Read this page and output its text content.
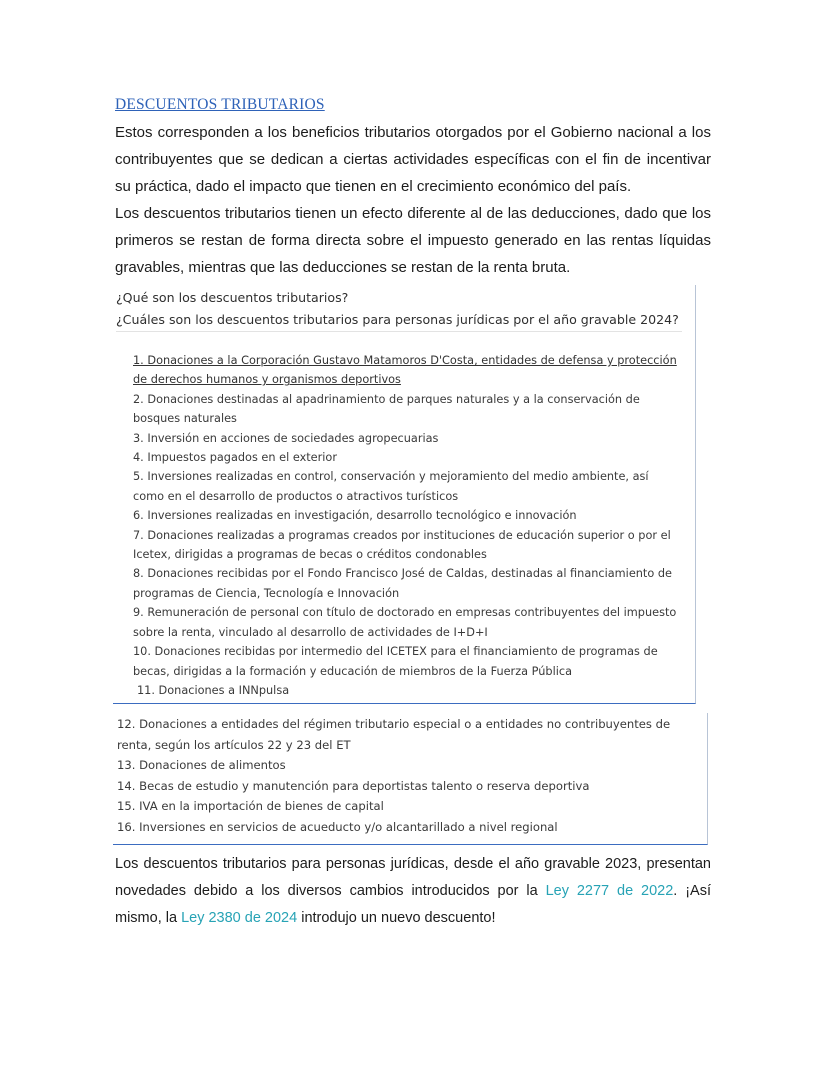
DESCUENTOS TRIBUTARIOS

Estos corresponden a los beneficios tributarios otorgados por el Gobierno nacional a los contribuyentes que se dedican a ciertas actividades específicas con el fin de incentivar su práctica, dado el impacto que tienen en el crecimiento económico del país.

Los descuentos tributarios tienen un efecto diferente al de las deducciones, dado que los primeros se restan de forma directa sobre el impuesto generado en las rentas líquidas gravables, mientras que las deducciones se restan de la renta bruta.

¿Qué son los descuentos tributarios?
¿Cuáles son los descuentos tributarios para personas jurídicas por el año gravable 2024?

1. Donaciones a la Corporación Gustavo Matamoros D'Costa, entidades de defensa y protección

de derechos humanos y organismos deportivos

2. Donaciones destinadas al apadrinamiento de parques naturales y a la conservación de

bosques naturales

3. Inversión en acciones de sociedades agropecuarias

4. Impuestos pagados en el exterior

5. Inversiones realizadas en control, conservación y mejoramiento del medio ambiente, así

como en el desarrollo de productos o atractivos turísticos

6. Inversiones realizadas en investigación, desarrollo tecnológico e innovación

7. Donaciones realizadas a programas creados por instituciones de educación superior o por el

Icetex, dirigidas a programas de becas o créditos condonables

8. Donaciones recibidas por el Fondo Francisco José de Caldas, destinadas al financiamiento de

programas de Ciencia, Tecnología e Innovación

9. Remuneración de personal con título de doctorado en empresas contribuyentes del impuesto

sobre la renta, vinculado al desarrollo de actividades de I+D+I

10. Donaciones recibidas por intermedio del ICETEX para el financiamiento de programas de

becas, dirigidas a la formación y educación de miembros de la Fuerza Pública

11. Donaciones a INNpulsa

12. Donaciones a entidades del régimen tributario especial o a entidades no contribuyentes de

renta, según los artículos 22 y 23 del ET

13. Donaciones de alimentos

14. Becas de estudio y manutención para deportistas talento o reserva deportiva

15. IVA en la importación de bienes de capital

16. Inversiones en servicios de acueducto y/o alcantarillado a nivel regional

Los descuentos tributarios para personas jurídicas, desde el año gravable 2023, presentan novedades debido a los diversos cambios introducidos por la Ley 2277 de 2022. ¡Así mismo, la Ley 2380 de 2024 introdujo un nuevo descuento!
